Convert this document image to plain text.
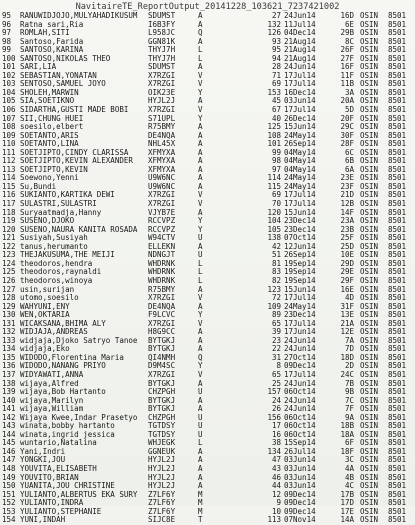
NavitaireTE_ReportOutput_20141228_103621_7237421002
95	RANUWIDJOJO,MULYAHADIKUSUM	SDUMST	A	27 24Jun14	16D OSIN	8501
96	Ratna sari,Ria	I6B3FY	A	132 11Jul14	6E OSIN	8501
97	ROMLAH,SITI	L958JC	Q	126 04Dec14	29B OSIN	8501
98	Santoso,Farida	GGN81K	A	93 21Aug14	8C OSIN	8501
99	SANTOSO,KARINA	THYJ7H	L	95 21Aug14	26F OSIN	8501
100 SANTOSO,NIKOLAS THEO	THYJ7H	L	94 21Aug14	27F OSIN	8501
101 SARI,LIA	SDUMST	A	28 24Jun14	16F OSIN	8501
102 SEBASTIAN,YONATAN	X7RZGI	V	71 17Jul14	11F OSIN	8501
103 SENTOSO,SAMUEL JOYO	X7RZGI	V	69 17Jul14	11B OSIN	8501
104 SHOLEH,MARWIN	OIK23E	Y	153 16Dec14	3A OSIN	8501
105 SIA,SOETIKNO	HYJL2J	A	45 03Jun14	20A OSIN	8501
106 SIDARTHA,GUSTI MADE BOBI	X7RZGI	V	67 17Jul14	5D OSIN	8501
107 SII,CHUNG HUEI	S71UPL	Y	40 26Dec14	20F OSIN	8501
108 soesilo,elbert	R75BMY	A	125 15Jun14	29C OSIN	8501
109 SOETANTO,ARIS	DE4NQA	A	108 24May14	30F OSIN	8501
110 SOETANTO,LINA	NHL45X	A	101 26Sep14	28F OSIN	8501
111 SOETJIPTO,CINDY CLARISSA	XFMYXA	A	99 04May14	6C OSIN	8501
112 SOETJIPTO,KEVIN ALEXANDER	XFMYXA	A	98 04May14	6B OSIN	8501
113 SOETJIPTO,KEVIN	XFMYXA	A	97 04May14	6A OSIN	8501
114 Soewono,Yenni	U9W6NC	A	114 24May14	23E OSIN	8501
115 Su,Bundi	U9W6NC	A	115 24May14	23F OSIN	8501
116 SUKIANTO,KARTIKA DEWI	X7RZGI	V	69 17Jul14	21D OSIN	8501
117 SULASTRI,SULASTRI	X7RZGI	V	70 17Jul14	12B OSIN	8501
118 Suryaatmadja,Hanny	VJYB7E	A	120 15Jun14	14F OSIN	8501
119 SUSENO,DJOKO	RCCVPZ	Y	104 23Dec14	23A OSIN	8501
120 SUSENO,NAURA KANITA ROSADA	RCCVPZ	Y	105 23Dec14	23B OSIN	8501
121 Susiyah,Susiyah	W94CTV	U	138 07Oct14	25F OSIN	8501
122 tanus,herumanto	ELLEKN	A	42 12Jun14	25D OSIN	8501
123 THEJAKUSUMA,THE MEIJI	NDNGJT	U	51 26Sep14	10E OSIN	8501
124 theodoros,hendra	WHDRNK	L	81 19Sep14	29D OSIN	8501
125 theodoros,raynaldi	WHDRNK	L	83 19Sep14	29E OSIN	8501
126 theodoros,winoya	WHDRNK	L	82 19Sep14	29F OSIN	8501
127 usin,surijan	R75BMY	A	123 15Jun14	16E OSIN	8501
128 utomo,soesilo	X7RZGI	V	72 17Jul14	4D OSIN	8501
129 WAHYUNI,ENY	DE4NQA	A	109 24May14	31F OSIN	8501
130 WEN,OKTARIA	F9LCVC	Y	89 23Dec14	13E OSIN	8501
131 WICAKSANA,BHIMA ALY	X7RZGI	V	65 17Jul14	21A OSIN	8501
132 WIDJAJA,ANDREAS	H8G9CC	A	39 17Jun14	12E OSIN	8501
133 widjaja,Djoko Satryo Tanoe	BYTGKJ	A	23 24Jun14	7A OSIN	8501
134 widjaja,Eko	BYTGKJ	A	22 24Jun14	7D OSIN	8501
135 WIDODO,Florentina Maria	QI4NMH	Q	31 27Oct14	18D OSIN	8501
136 WIDODO,NANANG PRIYO	D9M4SC	Y	8 09Dec14	2D OSIN	8501
137 WIDYAWATI,ANNA	X7RZGI	V	65 17Jul14	24C OSIN	8501
138 wijaya,Alfred	BYTGKJ	A	25 24Jun14	7B OSIN	8501
139 wijaya,Bob Hartanto	CHZPGH	U	157 06Oct14	9B OSIN	8501
140 wijaya,Marilyn	BYTGKJ	A	24 24Jun14	7C OSIN	8501
141 wijaya,William	BYTGKJ	A	26 24Jun14	7F OSIN	8501
142 Wijaya Kwee,Indar Prasetyo	CHZPGH	U	156 06Oct14	9A OSIN	8501
143 winata,bobby hartanto	TGTDSY	U	17 06Oct14	18B OSIN	8501
144 winata,ingrid jessica	TGTDSY	U	16 06Oct14	18A OSIN	8501
145 wuntario,Natalina	WHJEGK	L	38 15Sep14	6F OSIN	8501
146 Yani,Indri	GGNEUK	A	134 26Jul14	18F OSIN	8501
147 YONGKI,JOU	HYJL2J	A	47 03Jun14	3C OSIN	8501
148 YOUVITA,ELISABETH	HYJL2J	A	43 03Jun14	4A OSIN	8501
149 YOUVITO,BRIAN	HYJL2J	A	46 03Jun14	4B OSIN	8501
150 YUANITA,JOU CHRISTINE	HYJL2J	A	44 03Jun14	4C OSIN	8501
151 YULIANTO,ALBERTUS EKA SURY	Z7LF6Y	M	12 09Dec14	17B OSIN	8501
152 YULIANTO,INDRA	Z7LF6Y	M	9 09Dec14	17D OSIN	8501
153 YULIANTO,STEPHANIE	Z7LF6Y	M	10 09Dec14	17E OSIN	8501
154 YUNI,INDAH	SIJC8E	T	113 07Nov14	14A OSIN	8501
